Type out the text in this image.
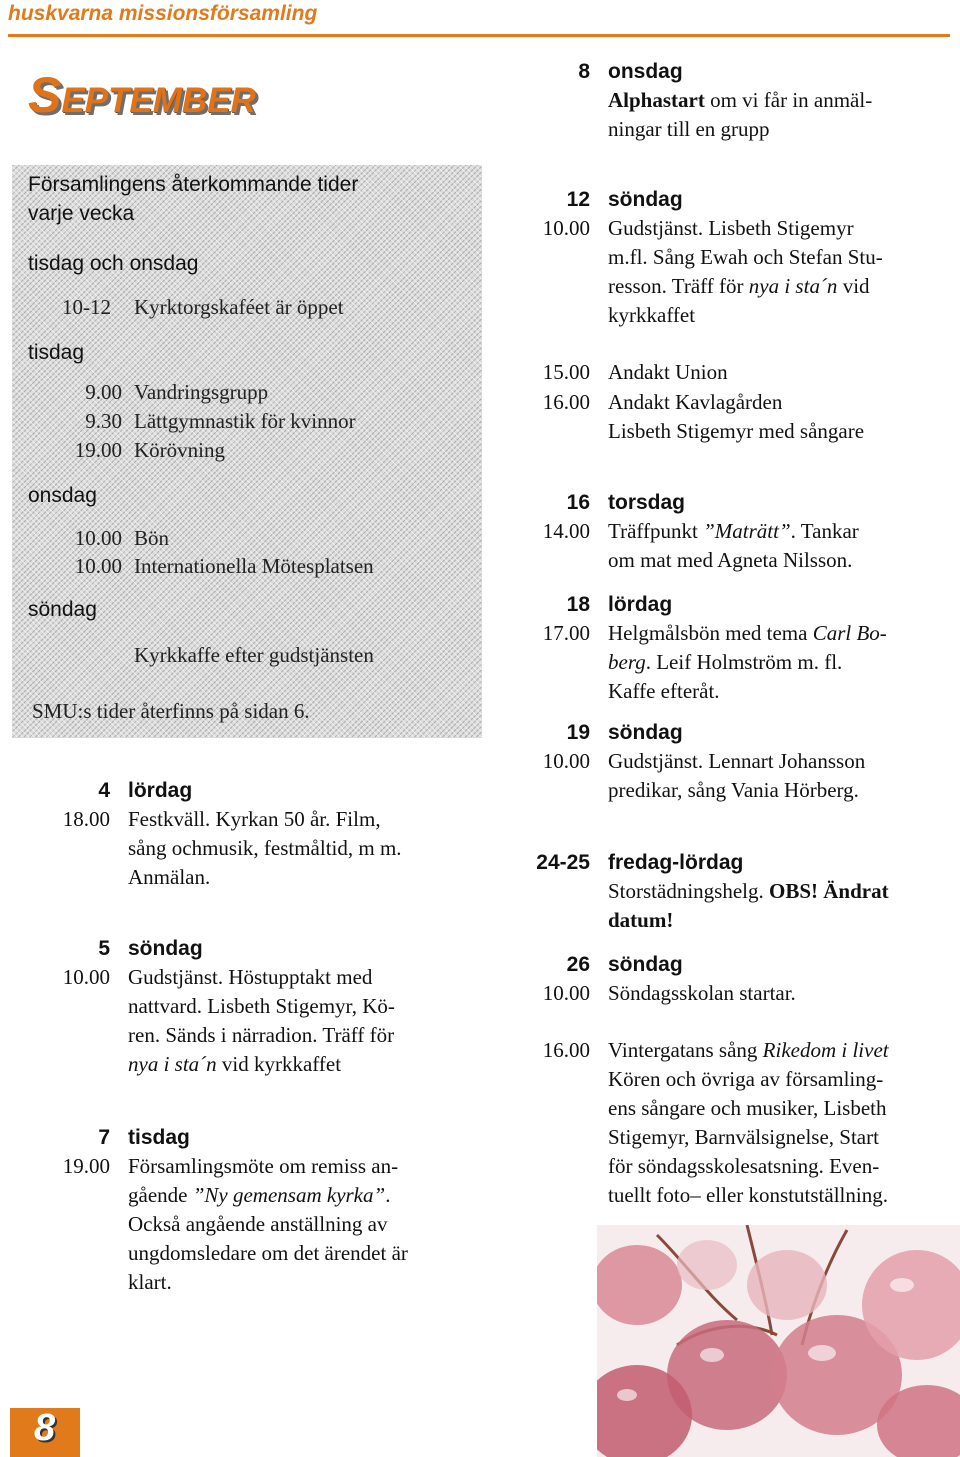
huskvarna missionsförsamling
September
Församlingens återkommande tider
varje vecka
tisdag och onsdag
10-12 Kyrktorgskaféet är öppet
tisdag
9.00 Vandringsgrupp
9.30 Lättgymnastik för kvinnor
19.00 Körövning
onsdag
10.00 Bön
10.00 Internationella Mötesplatsen
söndag
Kyrkkaffe efter gudstjänsten
SMU:s tider återfinns på sidan 6.
4 lördag
18.00 Festkväll. Kyrkan 50 år. Film,
sång ochmusik, festmåltid, m m.
Anmälan.
5 söndag
10.00 Gudstjänst. Höstupptakt med
nattvard. Lisbeth Stigemyr, Kö-
ren. Sänds i närradion. Träff för
nya i sta´n vid kyrkkaffet
7 tisdag
19.00 Församlingsmöte om remiss an-
gående ”Ny gemensam kyrka”.
Också angående anställning av
ungdomsledare om det ärendet är
klart.
8 onsdag
Alphastart om vi får in anmäl-
ningar till en grupp
12 söndag
10.00 Gudstjänst. Lisbeth Stigemyr
m.fl. Sång Ewah och Stefan Stu-
resson. Träff för nya i sta´n vid
kyrkkaffet
15.00 Andakt Union
16.00 Andakt Kavlagården
Lisbeth Stigemyr med sångare
16 torsdag
14.00 Träffpunkt ”Maträtt”. Tankar
om mat med Agneta Nilsson.
18 lördag
17.00 Helgmålsbön med tema Carl Bo-
berg. Leif Holmström m. fl.
Kaffe efteråt.
19 söndag
10.00 Gudstjänst. Lennart Johansson
predikar, sång Vania Hörberg.
24-25 fredag-lördag
Storstädningshelg. OBS! Ändrat
datum!
26 söndag
10.00 Söndagsskolan startar.
16.00 Vintergatans sång Rikedom i livet
Kören och övriga av församling-
ens sångare och musiker, Lisbeth
Stigemyr, Barnvälsignelse, Start
för söndagsskolesatsning. Even-
tuellt foto– eller konstutställning.
8
